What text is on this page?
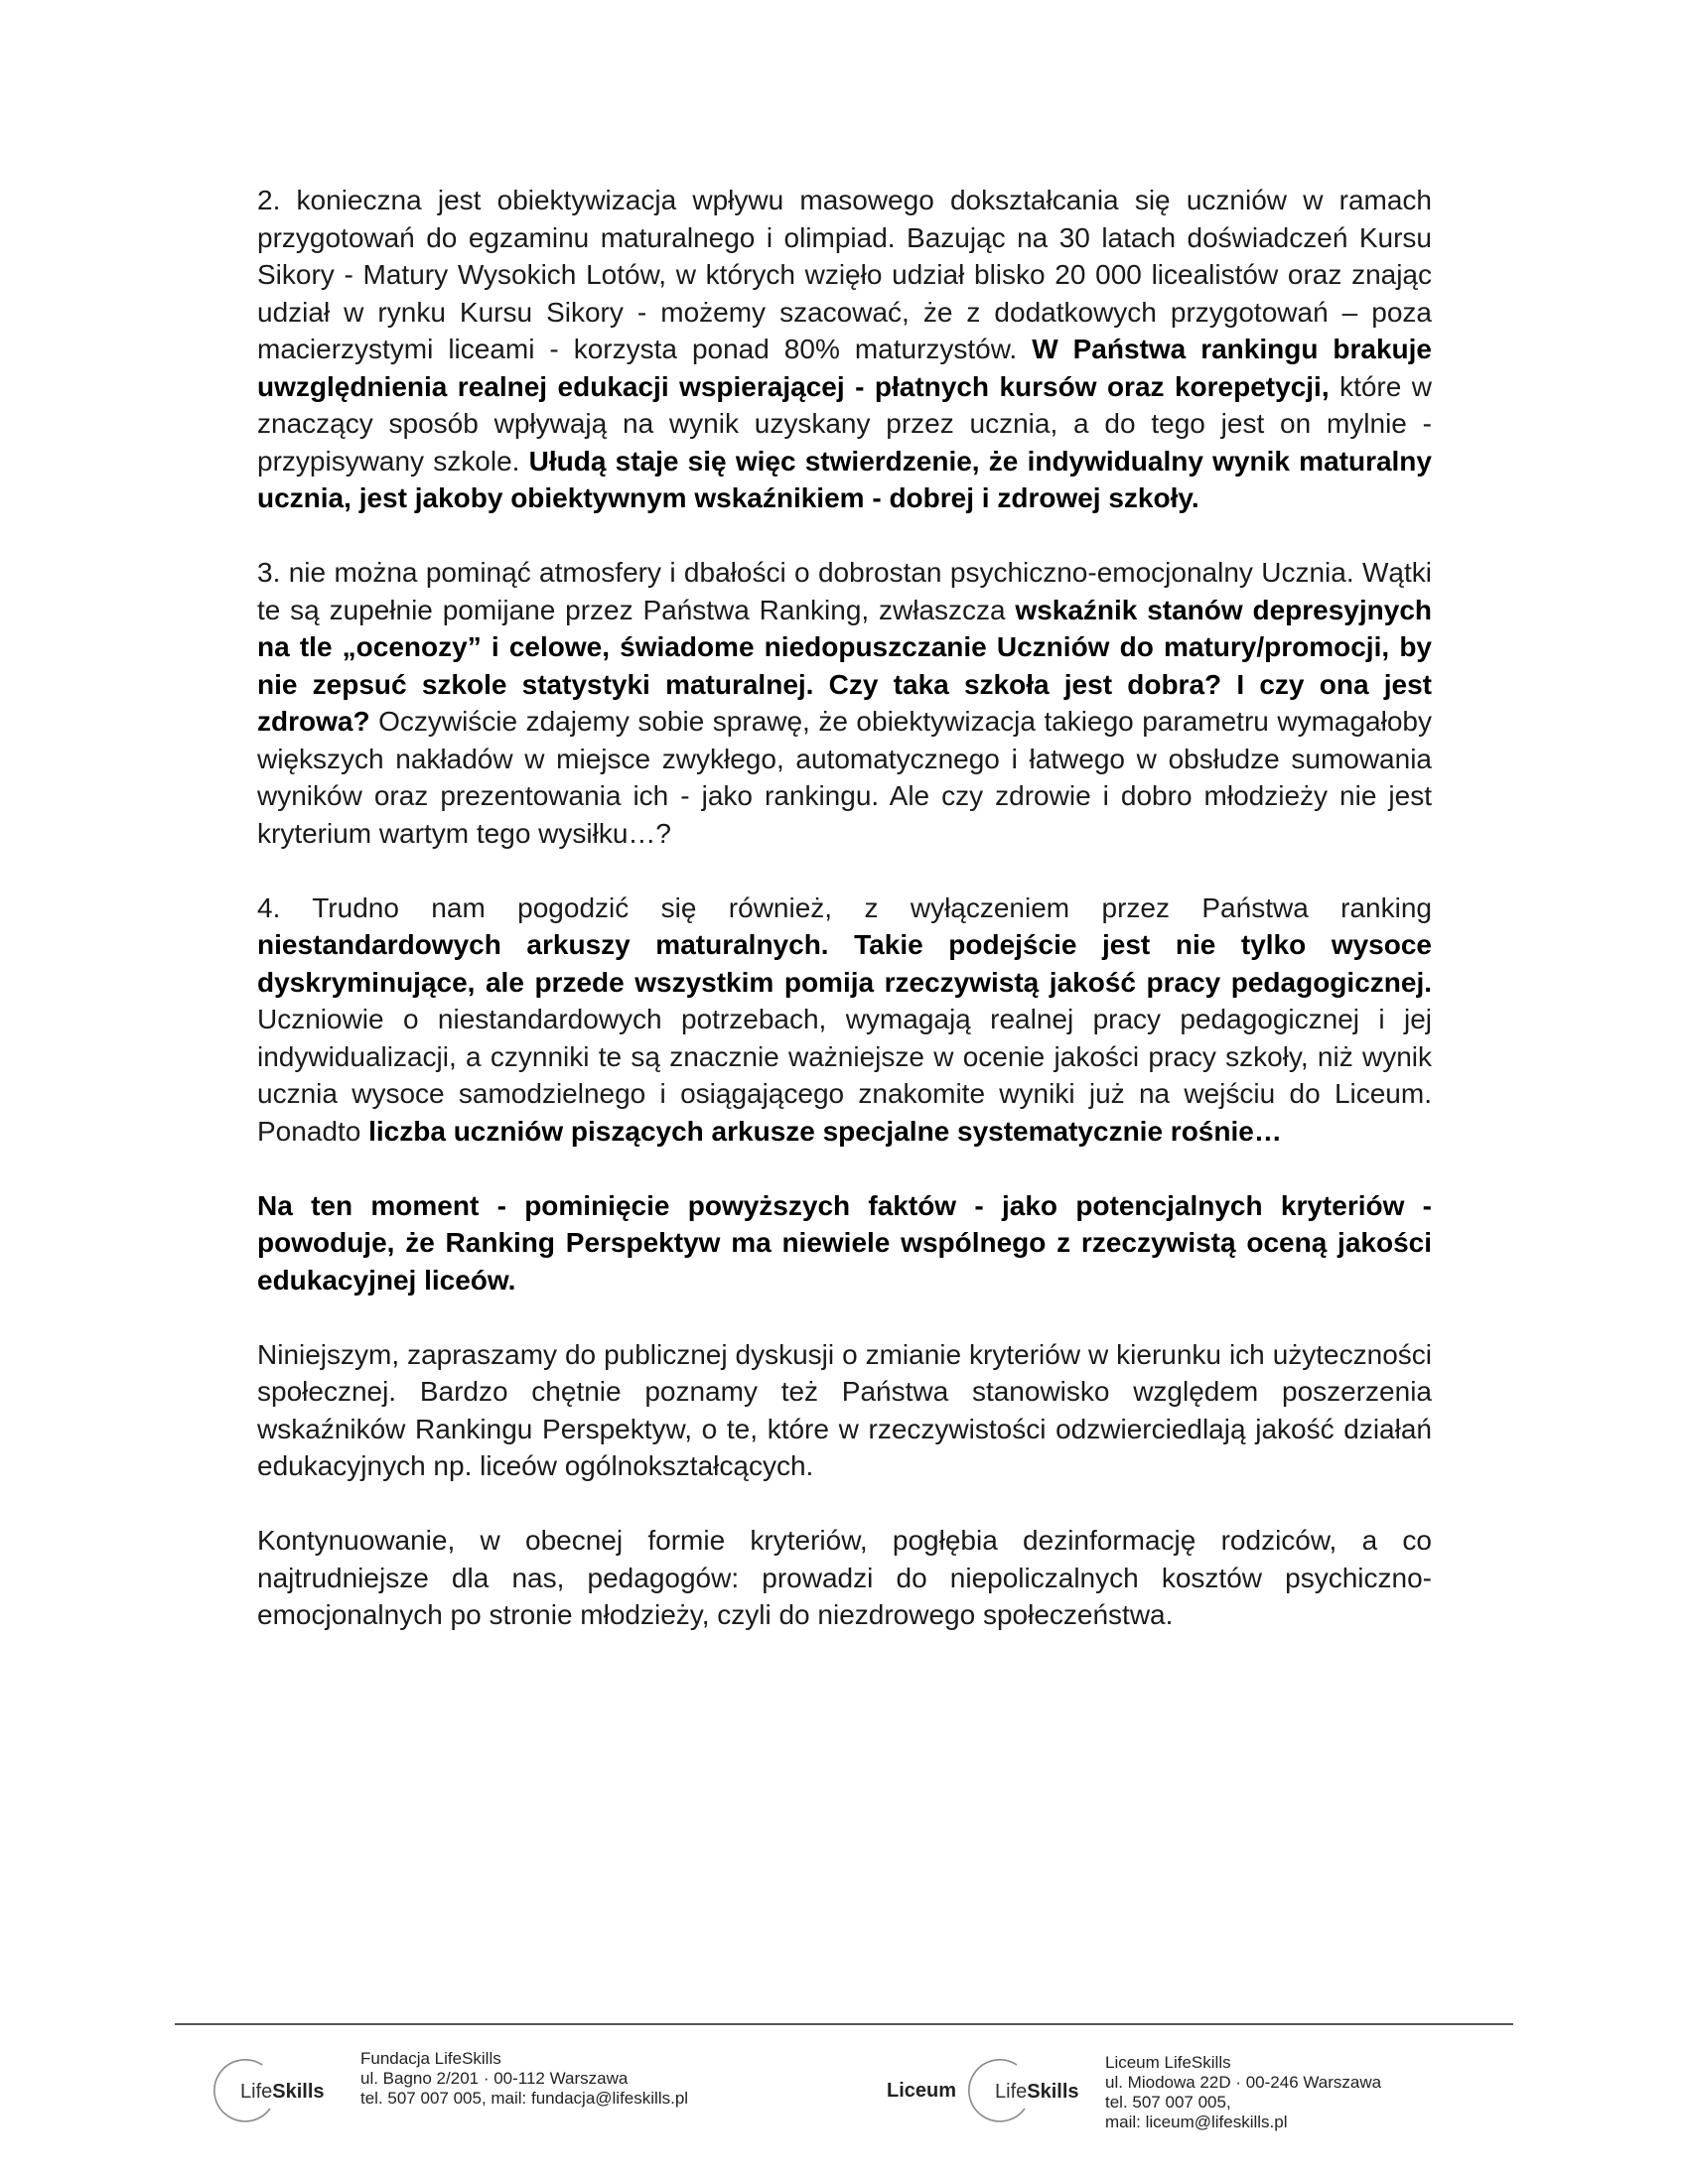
2. konieczna jest obiektywizacja wpływu masowego dokształcania się uczniów w ramach przygotowań do egzaminu maturalnego i olimpiad. Bazując na 30 latach doświadczeń Kursu Sikory - Matury Wysokich Lotów, w których wzięło udział blisko 20 000 licealistów oraz znając udział w rynku Kursu Sikory - możemy szacować, że z dodatkowych przygotowań – poza macierzystymi liceami - korzysta ponad 80% maturzystów. W Państwa rankingu brakuje uwzględnienia realnej edukacji wspierającej - płatnych kursów oraz korepetycji, które w znaczący sposób wpływają na wynik uzyskany przez ucznia, a do tego jest on mylnie - przypisywany szkole. Ułudą staje się więc stwierdzenie, że indywidualny wynik maturalny ucznia, jest jakoby obiektywnym wskaźnikiem - dobrej i zdrowej szkoły.

3. nie można pominąć atmosfery i dbałości o dobrostan psychiczno-emocjonalny Ucznia. Wątki te są zupełnie pomijane przez Państwa Ranking, zwłaszcza wskaźnik stanów depresyjnych na tle „ocenozy” i celowe, świadome niedopuszczanie Uczniów do matury/promocji, by nie zepsuć szkole statystyki maturalnej. Czy taka szkoła jest dobra? I czy ona jest zdrowa? Oczywiście zdajemy sobie sprawę, że obiektywizacja takiego parametru wymagałoby większych nakładów w miejsce zwykłego, automatycznego i łatwego w obsłudze sumowania wyników oraz prezentowania ich - jako rankingu. Ale czy zdrowie i dobro młodzieży nie jest kryterium wartym tego wysiłku…?

4. Trudno nam pogodzić się również, z wyłączeniem przez Państwa ranking niestandardowych arkuszy maturalnych. Takie podejście jest nie tylko wysoce dyskryminujące, ale przede wszystkim pomija rzeczywistą jakość pracy pedagogicznej. Uczniowie o niestandardowych potrzebach, wymagają realnej pracy pedagogicznej i jej indywidualizacji, a czynniki te są znacznie ważniejsze w ocenie jakości pracy szkoły, niż wynik ucznia wysoce samodzielnego i osiągającego znakomite wyniki już na wejściu do Liceum. Ponadto liczba uczniów piszących arkusze specjalne systematycznie rośnie…

Na ten moment - pominięcie powyższych faktów - jako potencjalnych kryteriów - powoduje, że Ranking Perspektyw ma niewiele wspólnego z rzeczywistą oceną jakości edukacyjnej liceów.

Niniejszym, zapraszamy do publicznej dyskusji o zmianie kryteriów w kierunku ich użyteczności społecznej. Bardzo chętnie poznamy też Państwa stanowisko względem poszerzenia wskaźników Rankingu Perspektyw, o te, które w rzeczywistości odzwierciedlają jakość działań edukacyjnych np. liceów ogólnokształcących.

Kontynuowanie, w obecnej formie kryteriów, pogłębia dezinformację rodziców, a co najtrudniejsze dla nas, pedagogów: prowadzi do niepoliczalnych kosztów psychiczno-emocjonalnych po stronie młodzieży, czyli do niezdrowego społeczeństwa.

LifeSkills
Fundacja LifeSkills
ul. Bagno 2/201 · 00-112 Warszawa
tel. 507 007 005, mail: fundacja@lifeskills.pl	Liceum LifeSkills
Liceum LifeSkills
ul. Miodowa 22D · 00-246 Warszawa
tel. 507 007 005,
mail: liceum@lifeskills.pl
